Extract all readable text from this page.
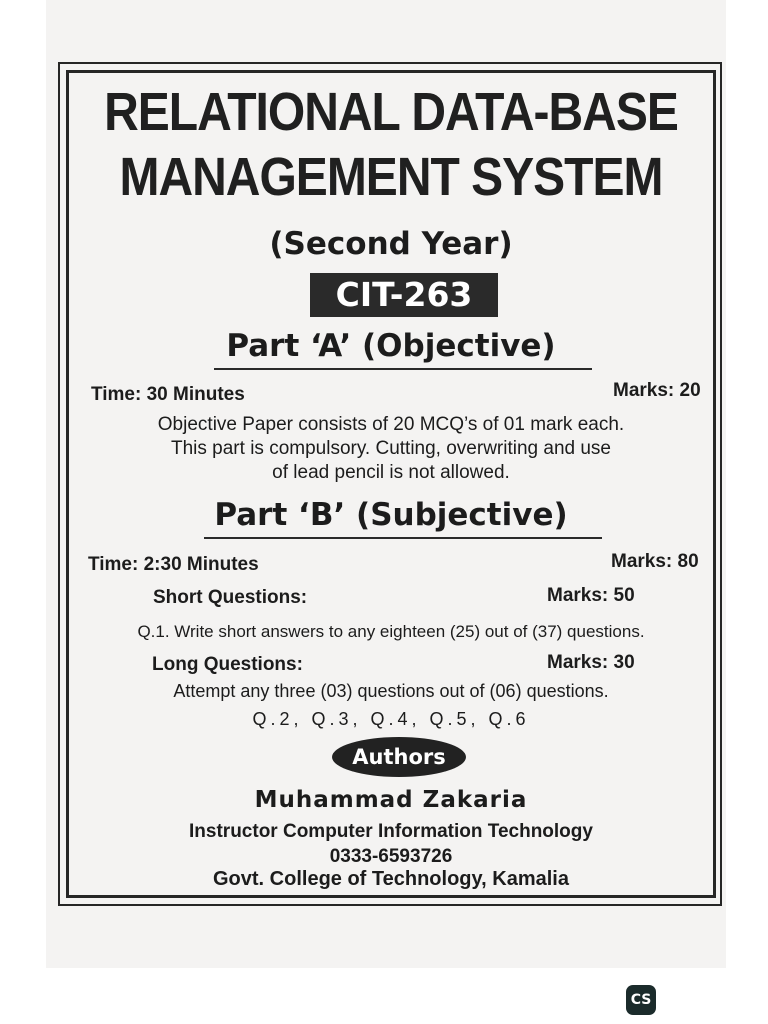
RELATIONAL DATA-BASE
MANAGEMENT SYSTEM
(Second Year)
CIT-263
Part ‘A’ (Objective)
Time: 30 Minutes	Marks: 20
Objective Paper consists of 20 MCQ’s of 01 mark each.
This part is compulsory. Cutting, overwriting and use
of lead pencil is not allowed.
Part ‘B’ (Subjective)
Time: 2:30 Minutes	Marks: 80
Short Questions:	Marks: 50
Q.1. Write short answers to any eighteen (25) out of (37) questions.
Long Questions:	Marks: 30
Attempt any three (03) questions out of (06) questions.
Q.2, Q.3, Q.4, Q.5, Q.6
Authors
Muhammad Zakaria
Instructor Computer Information Technology
0333-6593726
Govt. College of Technology, Kamalia
CS
